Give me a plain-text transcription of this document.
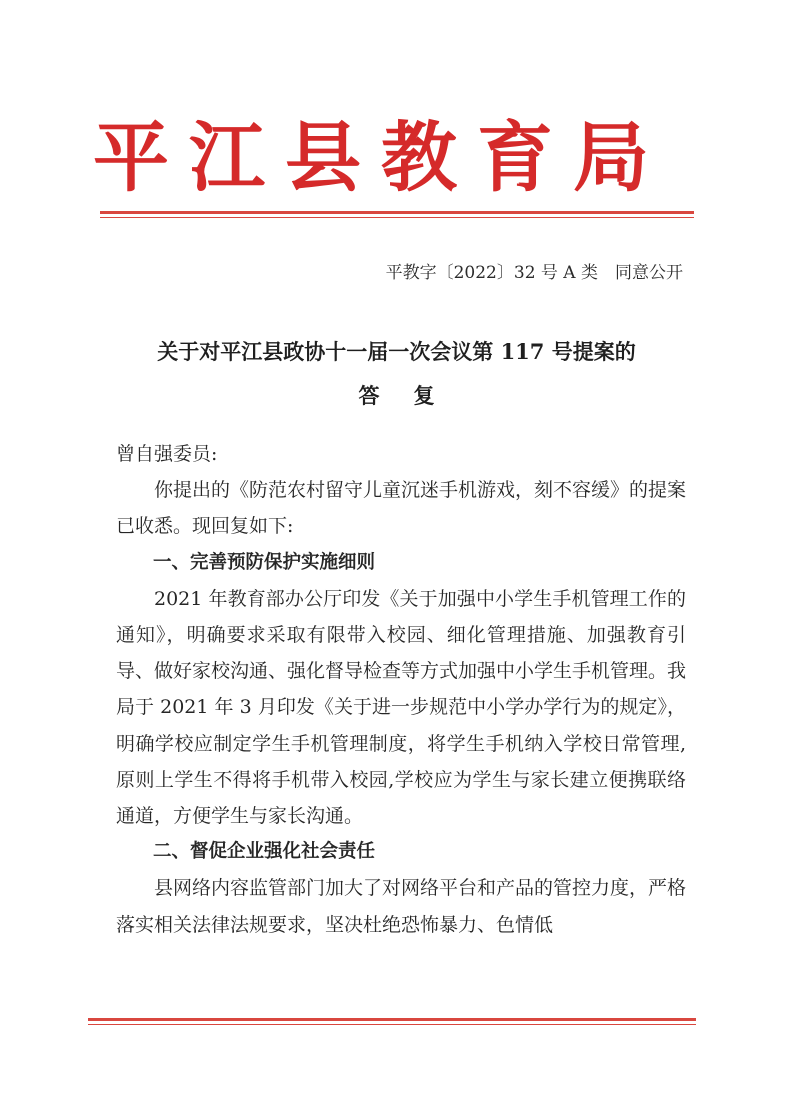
平江县教育局
平教字〔2022〕32 号 A 类　同意公开
关于对平江县政协十一届一次会议第 117 号提案的
答复

曾自强委员:

你提出的《防范农村留守儿童沉迷手机游戏，刻不容缓》的提案已收悉。现回复如下:

一、完善预防保护实施细则

2021 年教育部办公厅印发《关于加强中小学生手机管理工作的通知》，明确要求采取有限带入校园、细化管理措施、加强教育引导、做好家校沟通、强化督导检查等方式加强中小学生手机管理。我局于 2021 年 3 月印发《关于进一步规范中小学办学行为的规定》，明确学校应制定学生手机管理制度，将学生手机纳入学校日常管理,原则上学生不得将手机带入校园,学校应为学生与家长建立便携联络通道，方便学生与家长沟通。

二、督促企业强化社会责任

县网络内容监管部门加大了对网络平台和产品的管控力度，严格落实相关法律法规要求，坚决杜绝恐怖暴力、色情低
